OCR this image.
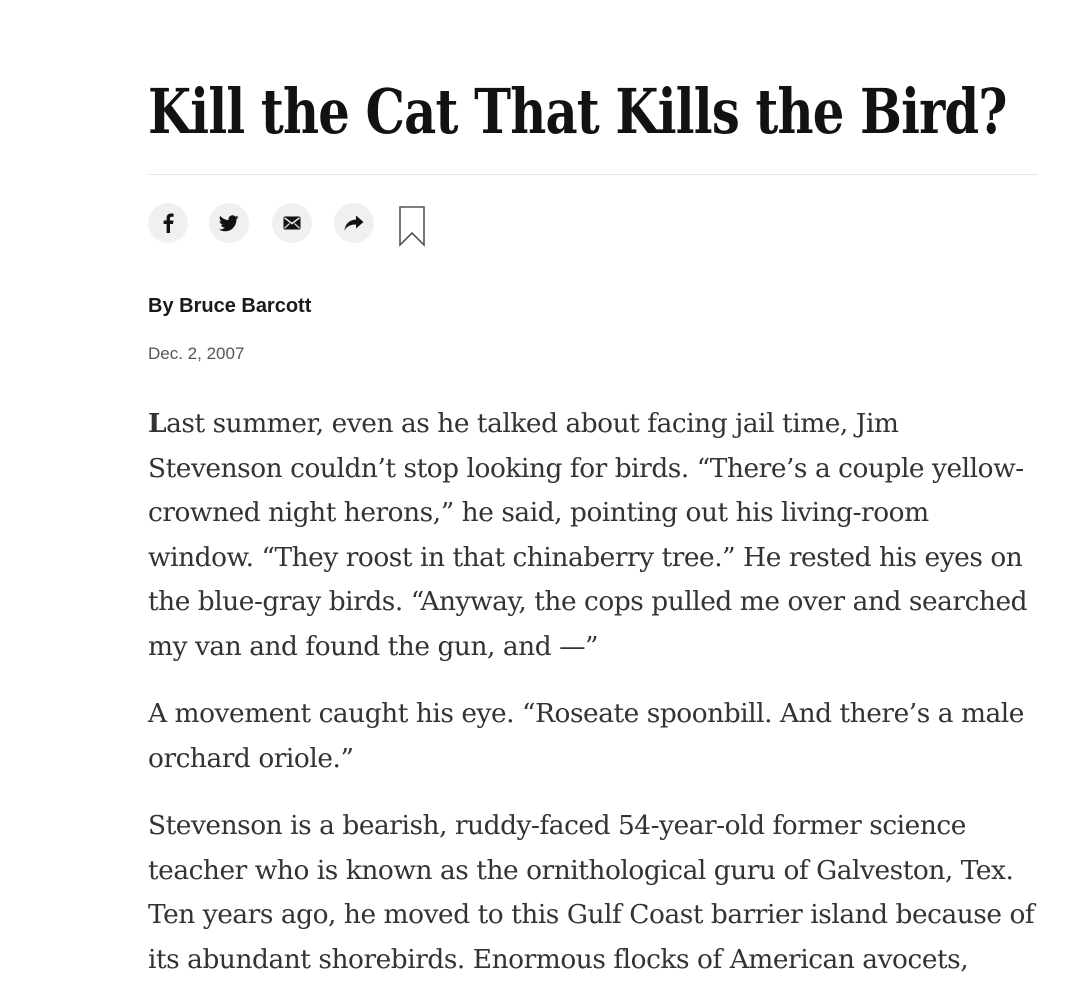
Kill the Cat That Kills the Bird?

By Bruce Barcott

Dec. 2, 2007

Last summer, even as he talked about facing jail time, Jim Stevenson couldn’t stop looking for birds. “There’s a couple yellow-crowned night herons,” he said, pointing out his living-room window. “They roost in that chinaberry tree.” He rested his eyes on the blue-gray birds. “Anyway, the cops pulled me over and searched my van and found the gun, and —”

A movement caught his eye. “Roseate spoonbill. And there’s a male orchard oriole.”

Stevenson is a bearish, ruddy-faced 54-year-old former science teacher who is known as the ornithological guru of Galveston, Tex. Ten years ago, he moved to this Gulf Coast barrier island because of its abundant shorebirds. Enormous flocks of American avocets,
